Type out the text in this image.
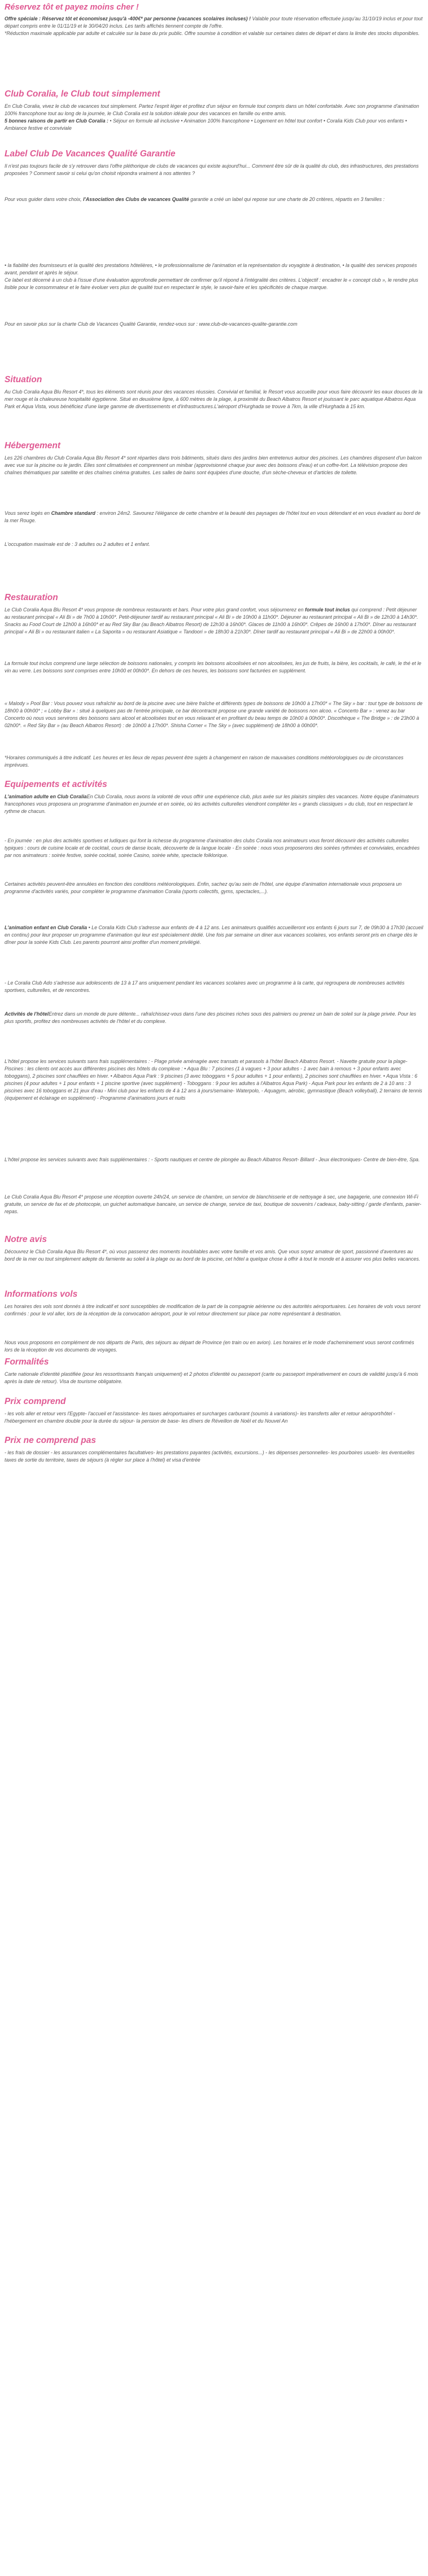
Réservez tôt et payez moins cher !

Offre spéciale : Réservez tôt et économisez jusqu'à -400€* par personne (vacances scolaires incluses) ! Valable pour toute réservation effectuée jusqu'au 31/10/19 inclus et pour tout départ compris entre le 01/11/19 et le 30/04/20 inclus. Les tarifs affichés tiennent compte de l'offre.

*Réduction maximale applicable par adulte et calculée sur la base du prix public. Offre soumise à condition et valable sur certaines dates de départ et dans la limite des stocks disponibles.

Club Coralia, le Club tout simplement

En Club Coralia, vivez le club de vacances tout simplement. Partez l'esprit léger et profitez d'un séjour en formule tout compris dans un hôtel confortable. Avec son programme d'animation 100% francophone tout au long de la journée, le Club Coralia est la solution idéale pour des vacances en famille ou entre amis.

5 bonnes raisons de partir en Club Coralia : • Séjour en formule all inclusive • Animation 100% francophone • Logement en hôtel tout confort • Coralia Kids Club pour vos enfants • Ambiance festive et conviviale

Label Club De Vacances Qualité Garantie
Il n'est pas toujours facile de s'y retrouver dans l'offre pléthorique de clubs de vacances qui existe aujourd'hui... Comment être sûr de la qualité du club, des infrastructures, des prestations proposées ? Comment savoir si celui qu'on choisit répondra vraiment à nos attentes ?
Pour vous guider dans votre choix, l'Association des Clubs de vacances Qualité garantie a créé un label qui repose sur une charte de 20 critères, répartis en 3 familles :

• la fiabilité des fournisseurs et la qualité des prestations hôtelières, • le professionnalisme de l'animation et la représentation du voyagiste à destination, • la qualité des services proposés avant, pendant et après le séjour.

Ce label est décerné à un club à l'issue d'une évaluation approfondie permettant de confirmer qu'il répond à l'intégralité des critères. L'objectif : encadrer le « concept club », le rendre plus lisible pour le consommateur et le faire évoluer vers plus de qualité tout en respectant le style, le savoir-faire et les spécificités de chaque marque.

Pour en savoir plus sur la charte Club de Vacances Qualité Garantie, rendez-vous sur : www.club-de-vacances-qualite-garantie.com
Situation
Au Club Coralia Aqua Blu Resort 4*, tous les éléments sont réunis pour des vacances réussies. Convivial et familial, le Resort vous accueille pour vous faire découvrir les eaux douces de la mer rouge et la chaleureuse hospitalité égyptienne. Situé en deuxième ligne, à 600 mètres de la plage, à proximité du Beach Albatros Resort et jouissant le parc aquatique Albatros Aqua Park et Aqua Vista, vous bénéficiez d'une large gamme de divertissements et d'infrastructures.L'aéroport d'Hurghada se trouve à 7km, la ville d'Hurghada à 15 km.
Hébergement
Les 226 chambres du Club Coralia Aqua Blu Resort 4* sont réparties dans trois bâtiments, situés dans des jardins bien entretenus autour des piscines. Les chambres disposent d'un balcon avec vue sur la piscine ou le jardin. Elles sont climatisées et comprennent un minibar (approvisionné chaque jour avec des boissons d'eau) et un coffre-fort. La télévision propose des chaînes thématiques par satellite et des chaînes cinéma gratuites. Les salles de bains sont équipées d'une douche, d'un sèche-cheveux et d'articles de toilette.
Vous serez logés en Chambre standard : environ 24m2. Savourez l'élégance de cette chambre et la beauté des paysages de l'hôtel tout en vous détendant et en vous évadant au bord de la mer Rouge.
L'occupation maximale est de : 3 adultes ou 2 adultes et 1 enfant.
Restauration
Le Club Coralia Aqua Blu Resort 4* vous propose de nombreux restaurants et bars. Pour votre plus grand confort, vous séjournerez en formule tout inclus qui comprend : Petit déjeuner au restaurant principal « Ali Bi » de 7h00 à 10h00*. Petit-déjeuner tardif au restaurant principal « Ali Bi » de 10h00 à 11h00*. Déjeuner au restaurant principal « Ali Bi » de 12h30 à 14h30*. Snacks au Food Court de 12h00 à 16h00* et au Red Sky Bar (au Beach Albatros Resort) de 12h30 à 16h00*. Glaces de 11h00 à 16h00*. Crêpes de 16h00 à 17h00*. Dîner au restaurant principal « Ali Bi » ou restaurant italien « La Saporita » ou restaurant Asiatique « Tandoori » de 18h30 à 21h30*. Dîner tardif au restaurant principal « Ali Bi » de 22h00 à 00h00*.
La formule tout inclus comprend une large sélection de boissons nationales, y compris les boissons alcoolisées et non alcoolisées, les jus de fruits, la bière, les cocktails, le café, le thé et le vin au verre. Les boissons sont comprises entre 10h00 et 00h00*. En dehors de ces heures, les boissons sont facturées en supplément.
« Malody » Pool Bar : Vous pouvez vous rafraîchir au bord de la piscine avec une bière fraîche et différents types de boissons de 10h00 à 17h00* « The Sky » bar : tout type de boissons de 18h00 à 00h00* ; « Lobby Bar » : situé à quelques pas de l'entrée principale, ce bar décontracté propose une grande variété de boissons non alcoo. « Concerto Bar » : venez au bar Concerto où nous vous servirons des boissons sans alcool et alcoolisées tout en vous relaxant et en profitant du beau temps de 10h00 à 00h00*. Discothèque « The Bridge » : de 23h00 à 02h00*. « Red Sky Bar » (au Beach Albatros Resort) : de 10h00 à 17h00*. Shisha Corner « The Sky » (avec supplément) de 18h00 à 00h00*.
*Horaires communiqués à titre indicatif. Les heures et les lieux de repas peuvent être sujets à changement en raison de mauvaises conditions météorologiques ou de circonstances imprévues.
Equipements et activités
L'animation adulte en Club CoraliaEn Club Coralia, nous avons la volonté de vous offrir une expérience club, plus axée sur les plaisirs simples des vacances. Notre équipe d'animateurs francophones vous proposera un programme d'animation en journée et en soirée, où les activités culturelles viendront compléter les « grands classiques » du club, tout en respectant le rythme de chacun.
- En journée : en plus des activités sportives et ludiques qui font la richesse du programme d'animation des clubs Coralia nos animateurs vous feront découvrir des activités culturelles typiques : cours de cuisine locale et de cocktail, cours de danse locale, découverte de la langue locale - En soirée : nous vous proposerons des soirées rythmées et conviviales, encadrées par nos animateurs : soirée festive, soirée cocktail, soirée Casino, soirée white, spectacle folklorique.
Certaines activités peuvent-être annulées en fonction des conditions météorologiques. Enfin, sachez qu'au sein de l'hôtel, une équipe d'animation internationale vous proposera un programme d'activités variés, pour compléter le programme d'animation Coralia (sports collectifs, gyms, spectacles,...).
L'animation enfant en Club Coralia • Le Coralia Kids Club s'adresse aux enfants de 4 à 12 ans. Les animateurs qualifiés accueilleront vos enfants 6 jours sur 7, de 09h30 à 17h30 (accueil en continu) pour leur proposer un programme d'animation qui leur est spécialement dédié. Une fois par semaine un diner aux vacances scolaires, vos enfants seront pris en charge dès le dîner pour la soirée Kids Club. Les parents pourront ainsi profiter d'un moment privilégié.
- Le Coralia Club Ado s'adresse aux adolescents de 13 à 17 ans uniquement pendant les vacances scolaires avec un programme à la carte, qui regroupera de nombreuses activités sportives, culturelles, et de rencontres.
Activités de l'hôtelEntrez dans un monde de pure détente... rafraîchissez-vous dans l'une des piscines riches sous des palmiers ou prenez un bain de soleil sur la plage privée. Pour les plus sportifs, profitez des nombreuses activités de l'hôtel et du complexe.
L'hôtel propose les services suivants sans frais supplémentaires : - Plage privée aménagée avec transats et parasols à l'hôtel Beach Albatros Resort. - Navette gratuite pour la plage- Piscines : les clients ont accès aux différentes piscines des hôtels du complexe : • Aqua Blu : 7 piscines (1 à vagues + 3 pour adultes - 1 avec bain à remous + 3 pour enfants avec toboggans), 2 piscines sont chauffées en hiver. • Albatros Aqua Park : 9 piscines (3 avec toboggans + 5 pour adultes + 1 pour enfants), 2 piscines sont chauffées en hiver. • Aqua Vista : 6 piscines (4 pour adultes + 1 pour enfants + 1 piscine sportive (avec supplément) - Toboggans : 9 pour les adultes à l'Albatros Aqua Park) - Aqua Park pour les enfants de 2 à 10 ans : 3 piscines avec 16 toboggans et 21 jeux d'eau - Mini club pour les enfants de 4 à 12 ans à jours/semaine- Waterpolo, - Aquagym, aérobic, gymnastique (Beach volleyball), 2 terrains de tennis (équipement et éclairage en supplément) - Programme d'animations jours et nuits
L'hôtel propose les services suivants avec frais supplémentaires : - Sports nautiques et centre de plongée au Beach Albatros Resort- Billard - Jeux électroniques- Centre de bien-être, Spa.
Le Club Coralia Aqua Blu Resort 4* propose une réception ouverte 24h/24, un service de chambre, un service de blanchisserie et de nettoyage à sec, une bagagerie, une connexion Wi-Fi gratuite, un service de fax et de photocopie, un guichet automatique bancaire, un service de change, service de taxi, boutique de souvenirs / cadeaux, baby-sitting / garde d'enfants, panier-repas.
Notre avis
Découvrez le Club Coralia Aqua Blu Resort 4*, où vous passerez des moments inoubliables avec votre famille et vos amis. Que vous soyez amateur de sport, passionné d'aventures au bord de la mer ou tout simplement adepte du farniente au soleil à la plage ou au bord de la piscine, cet hôtel a quelque chose à offrir à tout le monde et à assurer vos plus belles vacances.
Informations vols
Les horaires des vols sont donnés à titre indicatif et sont susceptibles de modification de la part de la compagnie aérienne ou des autorités aéroportuaires. Les horaires de vols vous seront confirmés : pour le vol aller, lors de la réception de la convocation aéroport, pour le vol retour directement sur place par notre représentant à destination.
Nous vous proposons en complément de nos départs de Paris, des séjours au départ de Province (en train ou en avion). Les horaires et le mode d'acheminement vous seront confirmés lors de la réception de vos documents de voyages.
Formalités
Carte nationale d'identité plastifiée (pour les ressortissants français uniquement) et 2 photos d'identité ou passeport (carte ou passeport impérativement en cours de validité jusqu'à 6 mois après la date de retour). Visa de tourisme obligatoire.
Prix comprend
- les vols aller et retour vers l'Egypte- l'accueil et l'assistance- les taxes aéroportuaires et surcharges carburant (soumis à variations)- les transferts aller et retour aéroport/hôtel - l'hébergement en chambre double pour la durée du séjour- la pension de base- les dîners de Réveillon de Noël et du Nouvel An
Prix ne comprend pas
- les frais de dossier - les assurances complémentaires facultatives- les prestations payantes (activités, excursions...) - les dépenses personnelles- les pourboires usuels- les éventuelles taxes de sortie du territoire, taxes de séjours (à régler sur place à l'hôtel) et visa d'entrée
